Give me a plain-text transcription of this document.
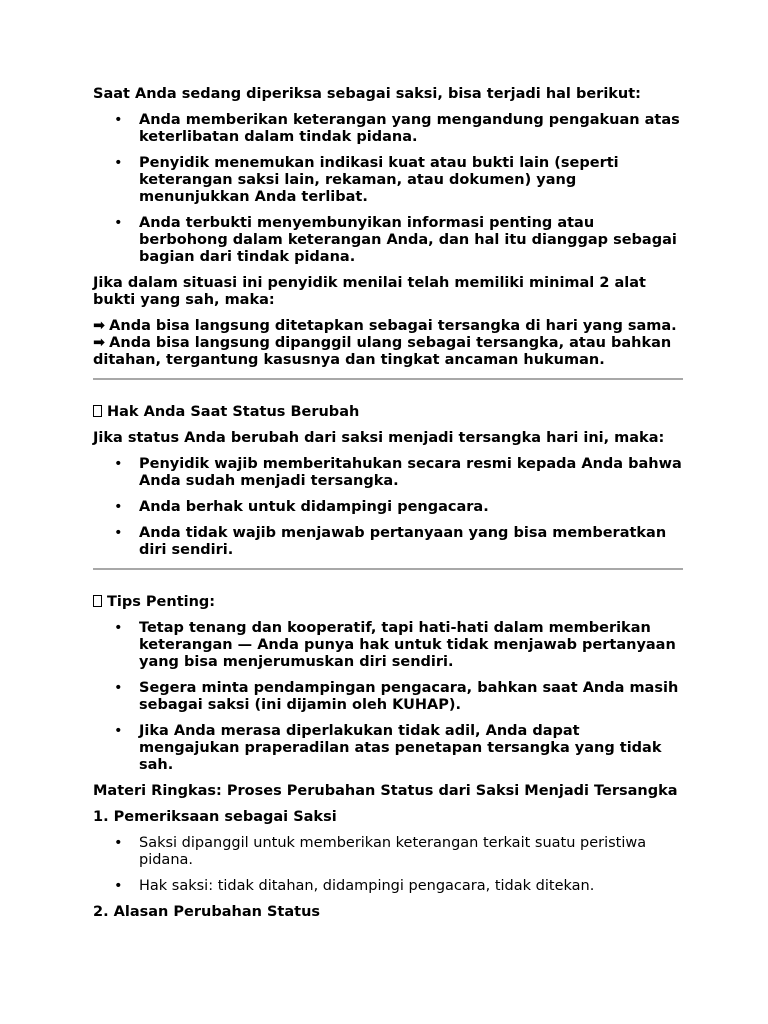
Saat Anda sedang diperiksa sebagai saksi, bisa terjadi hal berikut:

• Anda memberikan keterangan yang mengandung pengakuan atas keterlibatan dalam tindak pidana.
• Penyidik menemukan indikasi kuat atau bukti lain (seperti keterangan saksi lain, rekaman, atau dokumen) yang menunjukkan Anda terlibat.
• Anda terbukti menyembunyikan informasi penting atau berbohong dalam keterangan Anda, dan hal itu dianggap sebagai bagian dari tindak pidana.

Jika dalam situasi ini penyidik menilai telah memiliki minimal 2 alat bukti yang sah, maka:

➡ Anda bisa langsung ditetapkan sebagai tersangka di hari yang sama.

➡ Anda bisa langsung dipanggil ulang sebagai tersangka, atau bahkan ditahan, tergantung kasusnya dan tingkat ancaman hukuman.

Hak Anda Saat Status Berubah

Jika status Anda berubah dari saksi menjadi tersangka hari ini, maka:

• Penyidik wajib memberitahukan secara resmi kepada Anda bahwa Anda sudah menjadi tersangka.
• Anda berhak untuk didampingi pengacara.
• Anda tidak wajib menjawab pertanyaan yang bisa memberatkan diri sendiri.

Tips Penting:

• Tetap tenang dan kooperatif, tapi hati-hati dalam memberikan keterangan — Anda punya hak untuk tidak menjawab pertanyaan yang bisa menjerumuskan diri sendiri.
• Segera minta pendampingan pengacara, bahkan saat Anda masih sebagai saksi (ini dijamin oleh KUHAP).
• Jika Anda merasa diperlakukan tidak adil, Anda dapat mengajukan praperadilan atas penetapan tersangka yang tidak sah.

Materi Ringkas: Proses Perubahan Status dari Saksi Menjadi Tersangka

1. Pemeriksaan sebagai Saksi

• Saksi dipanggil untuk memberikan keterangan terkait suatu peristiwa pidana.
• Hak saksi: tidak ditahan, didampingi pengacara, tidak ditekan.

2. Alasan Perubahan Status
